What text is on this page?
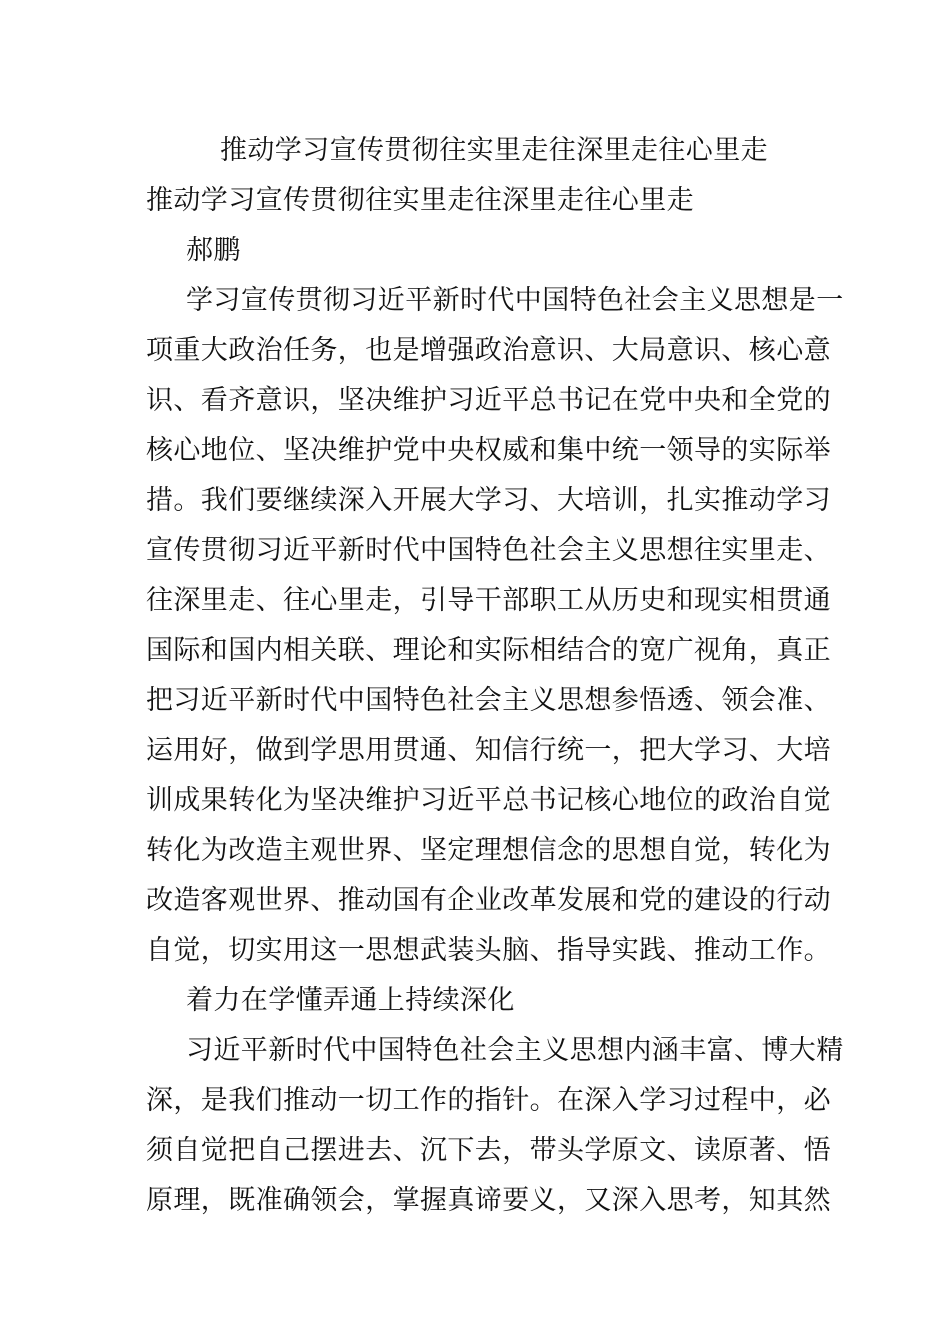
推动学习宣传贯彻往实里走往深里走往心里走
推动学习宣传贯彻往实里走往深里走往心里走
郝鹏
学习宣传贯彻习近平新时代中国特色社会主义思想是一
项重大政治任务，也是增强政治意识、大局意识、核心意
识、看齐意识，坚决维护习近平总书记在党中央和全党的
核心地位、坚决维护党中央权威和集中统一领导的实际举
措。我们要继续深入开展大学习、大培训，扎实推动学习
宣传贯彻习近平新时代中国特色社会主义思想往实里走、
往深里走、往心里走，引导干部职工从历史和现实相贯通
国际和国内相关联、理论和实际相结合的宽广视角，真正
把习近平新时代中国特色社会主义思想参悟透、领会准、
运用好，做到学思用贯通、知信行统一，把大学习、大培
训成果转化为坚决维护习近平总书记核心地位的政治自觉
转化为改造主观世界、坚定理想信念的思想自觉，转化为
改造客观世界、推动国有企业改革发展和党的建设的行动
自觉，切实用这一思想武装头脑、指导实践、推动工作。
着力在学懂弄通上持续深化
习近平新时代中国特色社会主义思想内涵丰富、博大精
深，是我们推动一切工作的指针。在深入学习过程中，必
须自觉把自己摆进去、沉下去，带头学原文、读原著、悟
原理，既准确领会，掌握真谛要义，又深入思考，知其然
